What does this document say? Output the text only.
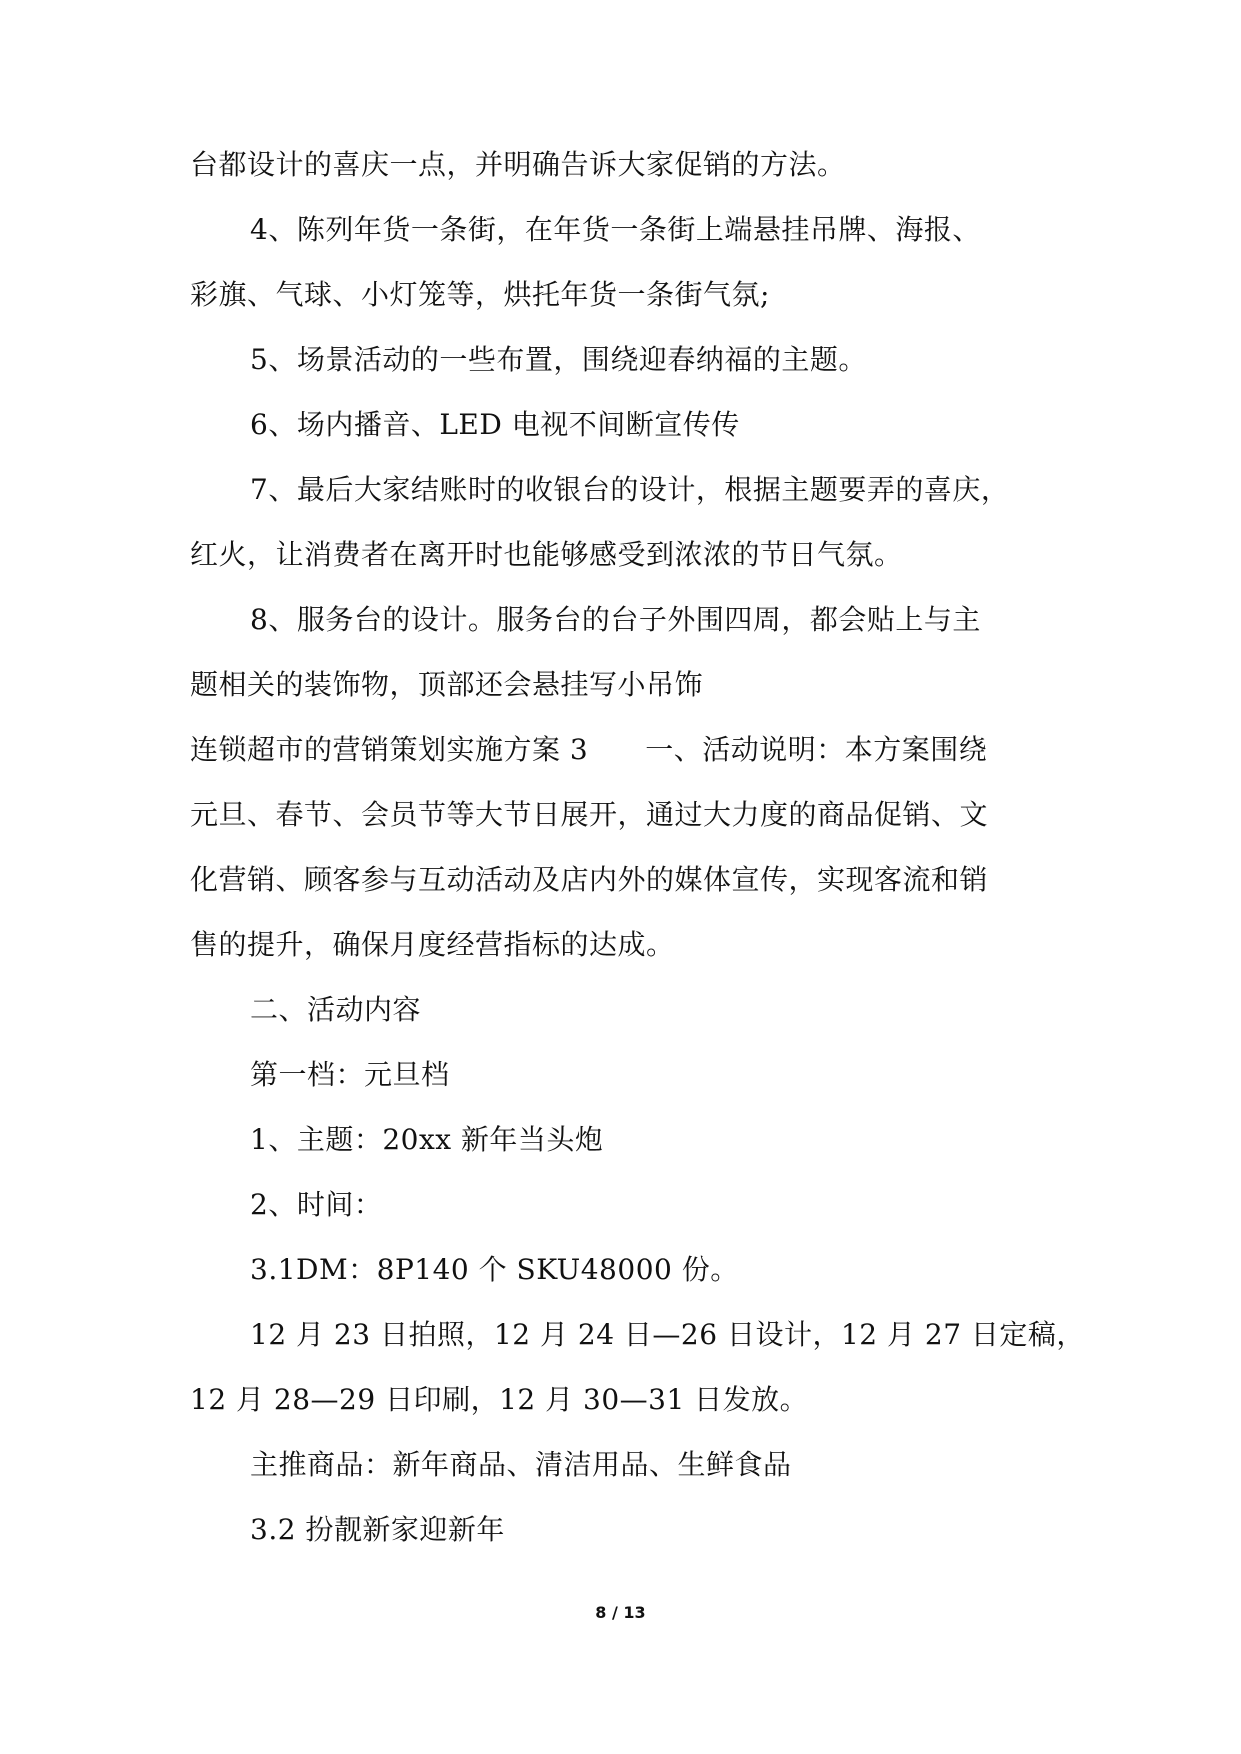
台都设计的喜庆一点，并明确告诉大家促销的方法。
4、陈列年货一条街，在年货一条街上端悬挂吊牌、海报、
彩旗、气球、小灯笼等，烘托年货一条街气氛;
5、场景活动的一些布置，围绕迎春纳福的主题。
6、场内播音、LED 电视不间断宣传传
7、最后大家结账时的收银台的设计，根据主题要弄的喜庆，
红火，让消费者在离开时也能够感受到浓浓的节日气氛。
8、服务台的设计。服务台的台子外围四周，都会贴上与主
题相关的装饰物，顶部还会悬挂写小吊饰
连锁超市的营销策划实施方案 3　　一、活动说明：本方案围绕
元旦、春节、会员节等大节日展开，通过大力度的商品促销、文
化营销、顾客参与互动活动及店内外的媒体宣传，实现客流和销
售的提升，确保月度经营指标的达成。
二、活动内容
第一档：元旦档
1、主题：20xx 新年当头炮
2、时间：
3.1DM：8P140 个 SKU48000 份。
12 月 23 日拍照，12 月 24 日—26 日设计，12 月 27 日定稿，
12 月 28—29 日印刷，12 月 30—31 日发放。
主推商品：新年商品、清洁用品、生鲜食品
3.2 扮靓新家迎新年
8 / 13
